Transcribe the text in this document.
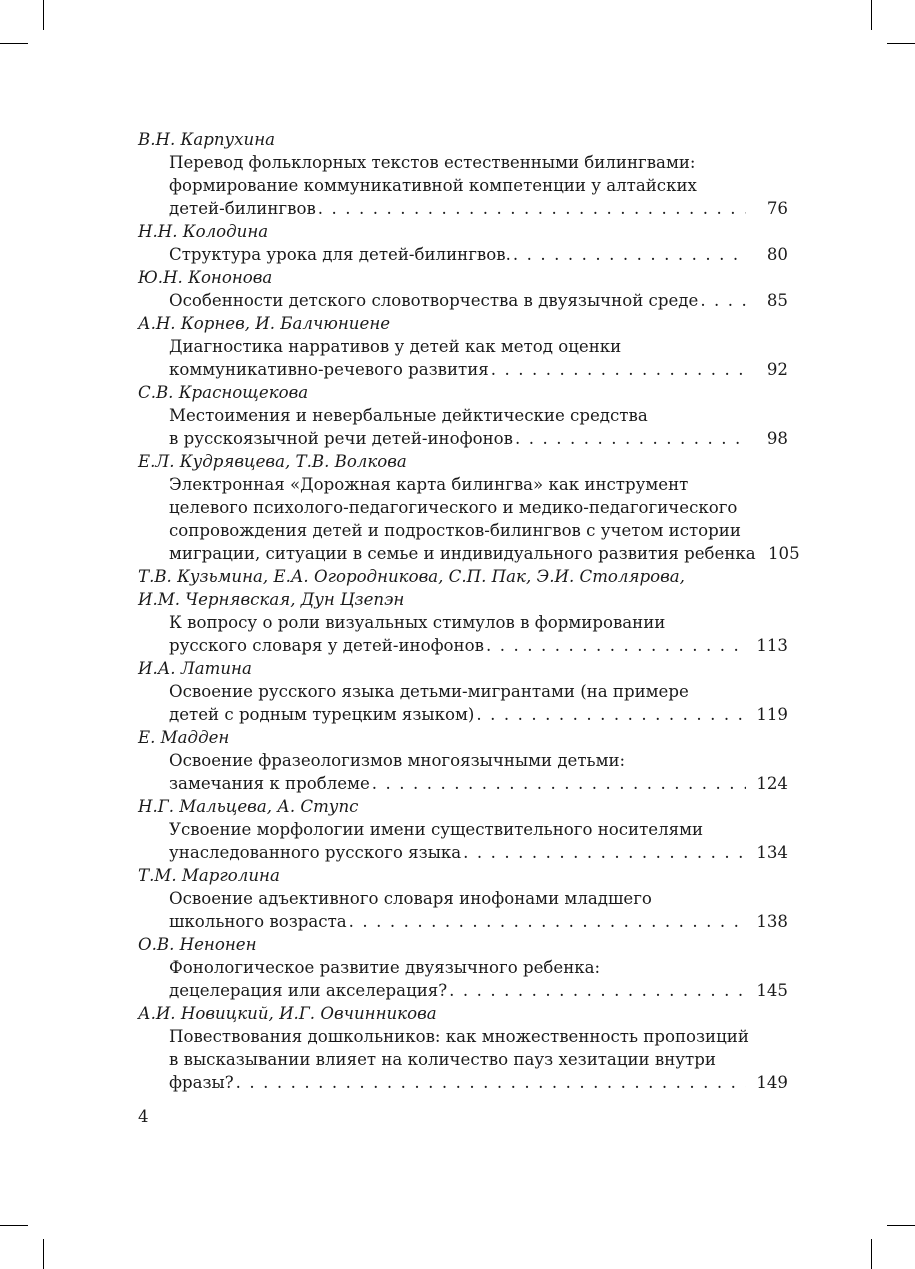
В.Н. Карпухина
Перевод фольклорных текстов естественными билингвами:
формирование коммуникативной компетенции у алтайских
детей-билингвов . . .	76
Н.Н. Колодина
Структура урока для детей-билингвов. . . .	80
Ю.Н. Кононова
Особенности детского словотворчества в двуязычной среде . . .	85
А.Н. Корнев, И. Балчюниене
Диагностика нарративов у детей как метод оценки
коммуникативно-речевого развития . . .	92
С.В. Краснощекова
Местоимения и невербальные дейктические средства
в русскоязычной речи детей-инофонов . . .	98
Е.Л. Кудрявцева, Т.В. Волкова
Электронная «Дорожная карта билингва» как инструмент
целевого психолого-педагогического и медико-педагогического
сопровождения детей и подростков-билингвов с учетом истории
миграции, ситуации в семье и индивидуального развития ребенка 105
Т.В. Кузьмина, Е.А. Огородникова, С.П. Пак, Э.И. Столярова,
И.М. Чернявская, Дун Цзепэн
К вопросу о роли визуальных стимулов в формировании
русского словаря у детей-инофонов . . .	113
И.А. Латина
Освоение русского языка детьми-мигрантами (на примере
детей с родным турецким языком) . . .	119
Е. Мадден
Освоение фразеологизмов многоязычными детьми:
замечания к проблеме . . .	124
Н.Г. Мальцева, А. Ступс
Усвоение морфологии имени существительного носителями
унаследованного русского языка . . .	134
Т.М. Марголина
Освоение адъективного словаря инофонами младшего
школьного возраста . . .	138
О.В. Ненонен
Фонологическое развитие двуязычного ребенка:
децелерация или акселерация? . . .	145
А.И. Новицкий, И.Г. Овчинникова
Повествования дошкольников: как множественность пропозиций
в высказывании влияет на количество пауз хезитации внутри
фразы? . . .	149
4
